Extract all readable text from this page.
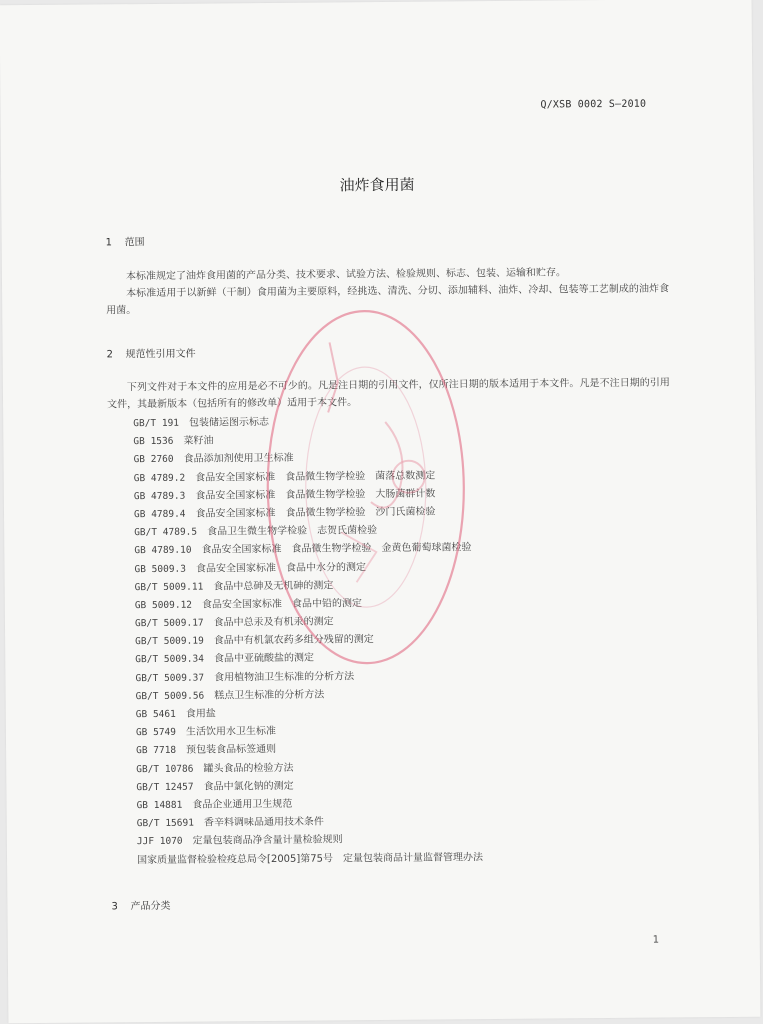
Q/XSB 0002 S—2010
油炸食用菌
1 范围

本标准规定了油炸食用菌的产品分类、技术要求、试验方法、检验规则、标志、包装、运输和贮存。

本标准适用于以新鲜（干制）食用菌为主要原料，经挑选、清洗、分切、添加辅料、油炸、冷却、包装等工艺制成的油炸食用菌。

2 规范性引用文件

下列文件对于本文件的应用是必不可少的。凡是注日期的引用文件，仅所注日期的版本适用于本文件。凡是不注日期的引用文件，其最新版本（包括所有的修改单）适用于本文件。

GB/T 191 包装储运图示标志
GB 1536 菜籽油
GB 2760 食品添加剂使用卫生标准
GB 4789.2 食品安全国家标准　食品微生物学检验　菌落总数测定
GB 4789.3 食品安全国家标准　食品微生物学检验　大肠菌群计数
GB 4789.4 食品安全国家标准　食品微生物学检验　沙门氏菌检验
GB/T 4789.5 食品卫生微生物学检验　志贺氏菌检验
GB 4789.10 食品安全国家标准　食品微生物学检验　金黄色葡萄球菌检验
GB 5009.3 食品安全国家标准　食品中水分的测定
GB/T 5009.11 食品中总砷及无机砷的测定
GB 5009.12 食品安全国家标准　食品中铅的测定
GB/T 5009.17 食品中总汞及有机汞的测定
GB/T 5009.19 食品中有机氯农药多组分残留的测定
GB/T 5009.34 食品中亚硫酸盐的测定
GB/T 5009.37 食用植物油卫生标准的分析方法
GB/T 5009.56 糕点卫生标准的分析方法
GB 5461 食用盐
GB 5749 生活饮用水卫生标准
GB 7718 预包装食品标签通则
GB/T 10786 罐头食品的检验方法
GB/T 12457 食品中氯化钠的测定
GB 14881 食品企业通用卫生规范
GB/T 15691 香辛料调味品通用技术条件
JJF 1070 定量包装商品净含量计量检验规则
国家质量监督检验检疫总局令[2005]第75号 定量包装商品计量监督管理办法
3 产品分类
1
